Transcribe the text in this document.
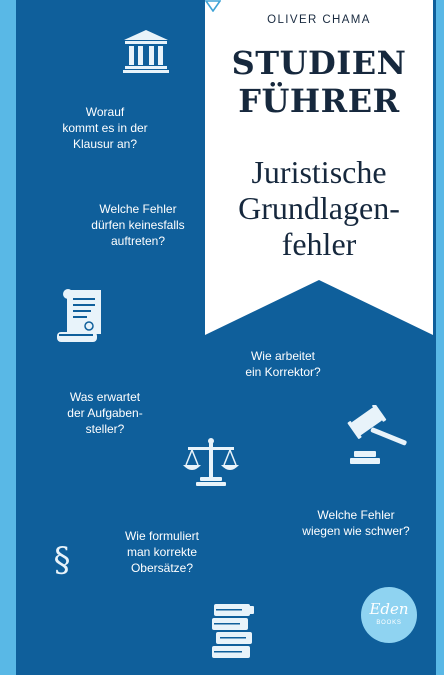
OLIVER CHAMA
STUDIEN
FÜHRER
Juristische
Grundlagen-
fehler
Worauf
kommt es in der
Klausur an?
Welche Fehler
dürfen keinesfalls
auftreten?
Wie arbeitet
ein Korrektor?
Was erwartet
der Aufgaben-
steller?
Welche Fehler
wiegen wie schwer?
Wie formuliert
man korrekte
Obersätze?
§
Eden
BOOKS
